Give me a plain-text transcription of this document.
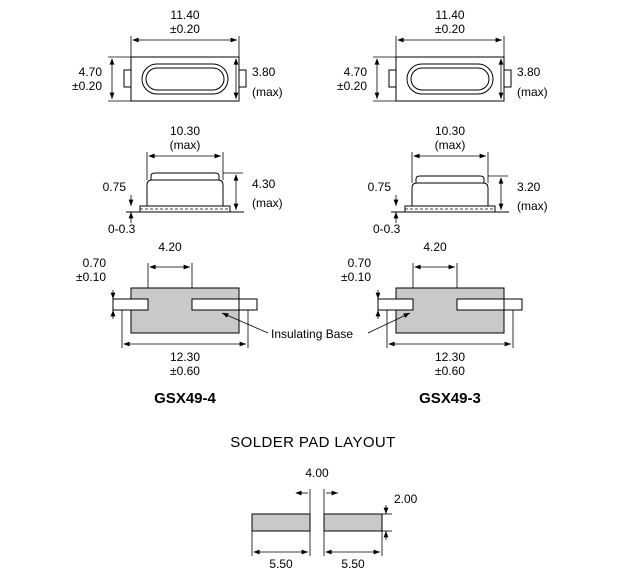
11.40
±0.20
4.70
±0.20
3.80
(max)
10.30
(max)
0.75
0-0.3
4.30
(max)
4.20
0.70
±0.10
12.30
±0.60
GSX49-4
11.40
±0.20
4.70
±0.20
3.80
(max)
10.30
(max)
0.75
0-0.3
3.20
(max)
4.20
0.70
±0.10
12.30
±0.60
GSX49-3
Insulating Base
SOLDER PAD LAYOUT
4.00
2.00
5.50	5.50
